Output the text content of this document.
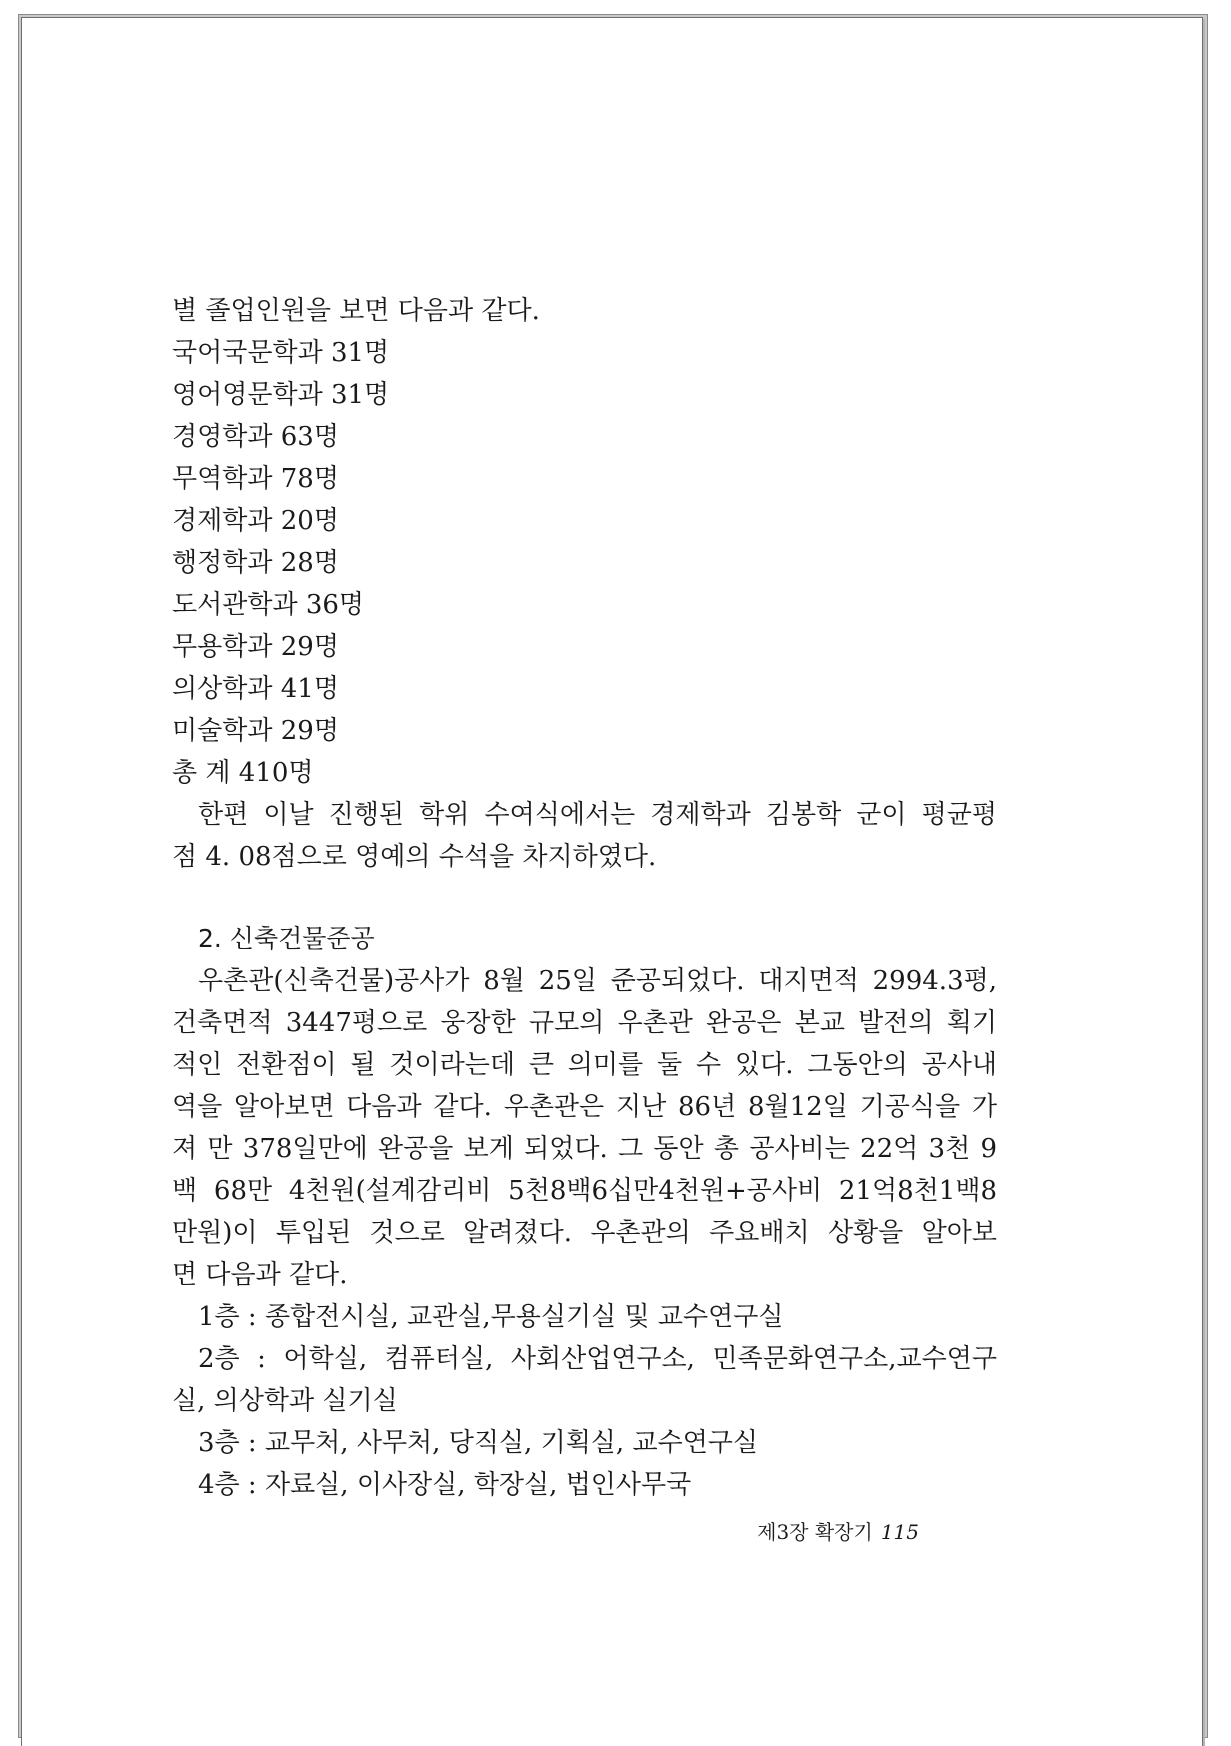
별 졸업인원을 보면 다음과 같다.
국어국문학과 31명
영어영문학과 31명
경영학과 63명
무역학과 78명
경제학과 20명
행정학과 28명
도서관학과 36명
무용학과 29명
의상학과 41명
미술학과 29명
총 계 410명
한편 이날 진행된 학위 수여식에서는 경제학과 김봉학 군이 평균평
점 4. 08점으로 영예의 수석을 차지하였다.
2. 신축건물준공
우촌관(신축건물)공사가 8월 25일 준공되었다. 대지면적 2994.3평,
건축면적 3447평으로 웅장한 규모의 우촌관 완공은 본교 발전의 획기
적인 전환점이 될 것이라는데 큰 의미를 둘 수 있다. 그동안의 공사내
역을 알아보면 다음과 같다. 우촌관은 지난 86년 8월12일 기공식을 가
져 만 378일만에 완공을 보게 되었다. 그 동안 총 공사비는 22억 3천 9
백 68만 4천원(설계감리비 5천8백6십만4천원+공사비 21억8천1백8
만원)이 투입된 것으로 알려졌다. 우촌관의 주요배치 상황을 알아보
면 다음과 같다.
1층 : 종합전시실, 교관실,무용실기실 및 교수연구실
2층 : 어학실, 컴퓨터실, 사회산업연구소, 민족문화연구소,교수연구
실, 의상학과 실기실
3층 : 교무처, 사무처, 당직실, 기획실, 교수연구실
4층 : 자료실, 이사장실, 학장실, 법인사무국
제3장 확장기 115
